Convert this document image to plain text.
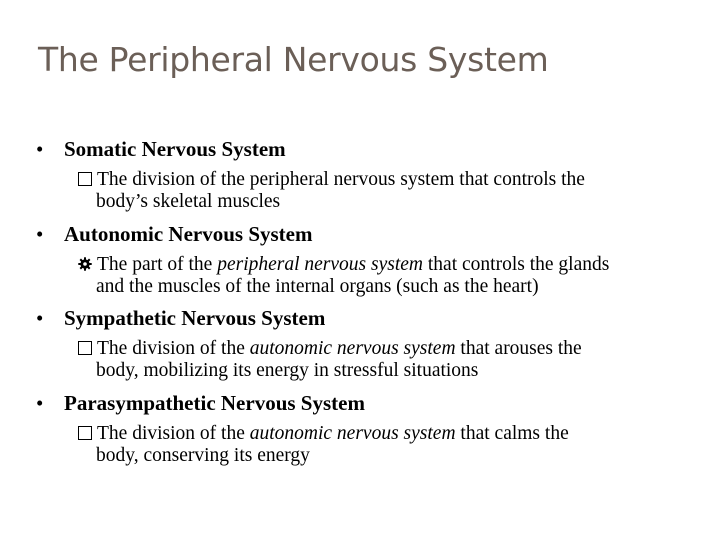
The Peripheral Nervous System
• Somatic Nervous System
The division of the peripheral nervous system that controls the
body’s skeletal muscles
• Autonomic Nervous System
The part of the peripheral nervous system that controls the glands
and the muscles of the internal organs (such as the heart)
• Sympathetic Nervous System
The division of the autonomic nervous system that arouses the
body, mobilizing its energy in stressful situations
• Parasympathetic Nervous System
The division of the autonomic nervous system that calms the
body, conserving its energy
